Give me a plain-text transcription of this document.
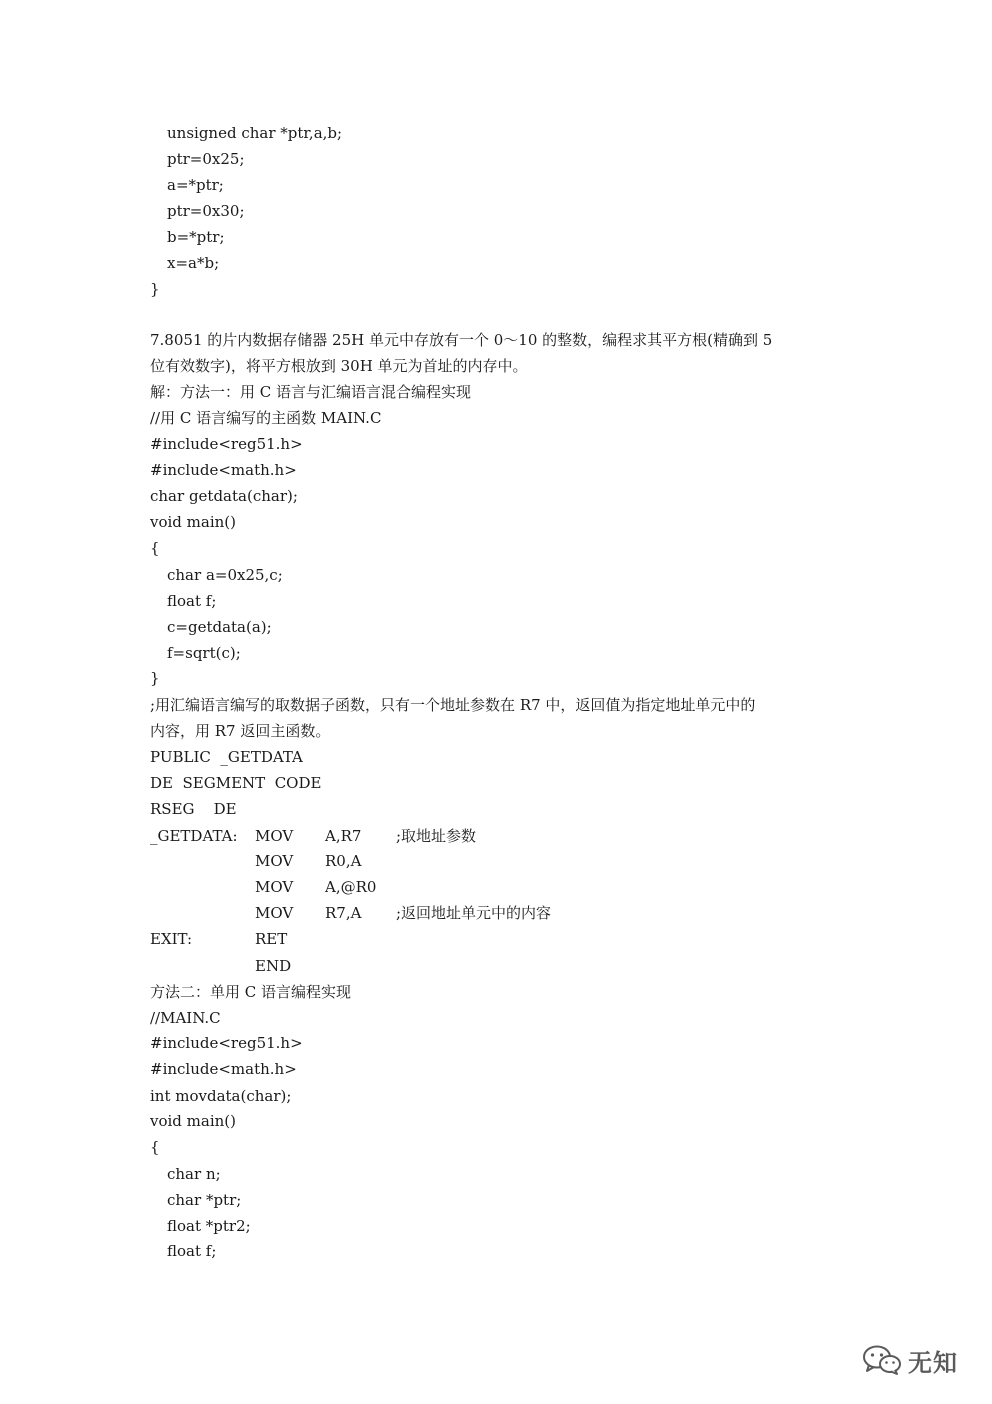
unsigned char *ptr,a,b;
ptr=0x25;
a=*ptr;
ptr=0x30;
b=*ptr;
x=a*b;
}
7.8051 的片内数据存储器 25H 单元中存放有一个 0～10 的整数，编程求其平方根(精确到 5
位有效数字)，将平方根放到 30H 单元为首址的内存中。
解：方法一：用 C 语言与汇编语言混合编程实现
//用 C 语言编写的主函数 MAIN.C
#include<reg51.h>
#include<math.h>
char getdata(char);
void main()
{
char a=0x25,c;
float f;
c=getdata(a);
f=sqrt(c);
}
;用汇编语言编写的取数据子函数，只有一个地址参数在 R7 中，返回值为指定地址单元中的
内容，用 R7 返回主函数。
PUBLIC  _GETDATA
DE  SEGMENT  CODE
RSEG    DE

_GETDATA:

MOV

A,R7

;取地址参数

MOV

R0,A

MOV

A,@R0

MOV

R7,A

;返回地址单元中的内容

EXIT:

	RET

END

方法二：单用 C 语言编程实现
//MAIN.C
#include<reg51.h>
#include<math.h>
int movdata(char);
void main()
{
char n;
char *ptr;
float *ptr2;
float f;
无知
